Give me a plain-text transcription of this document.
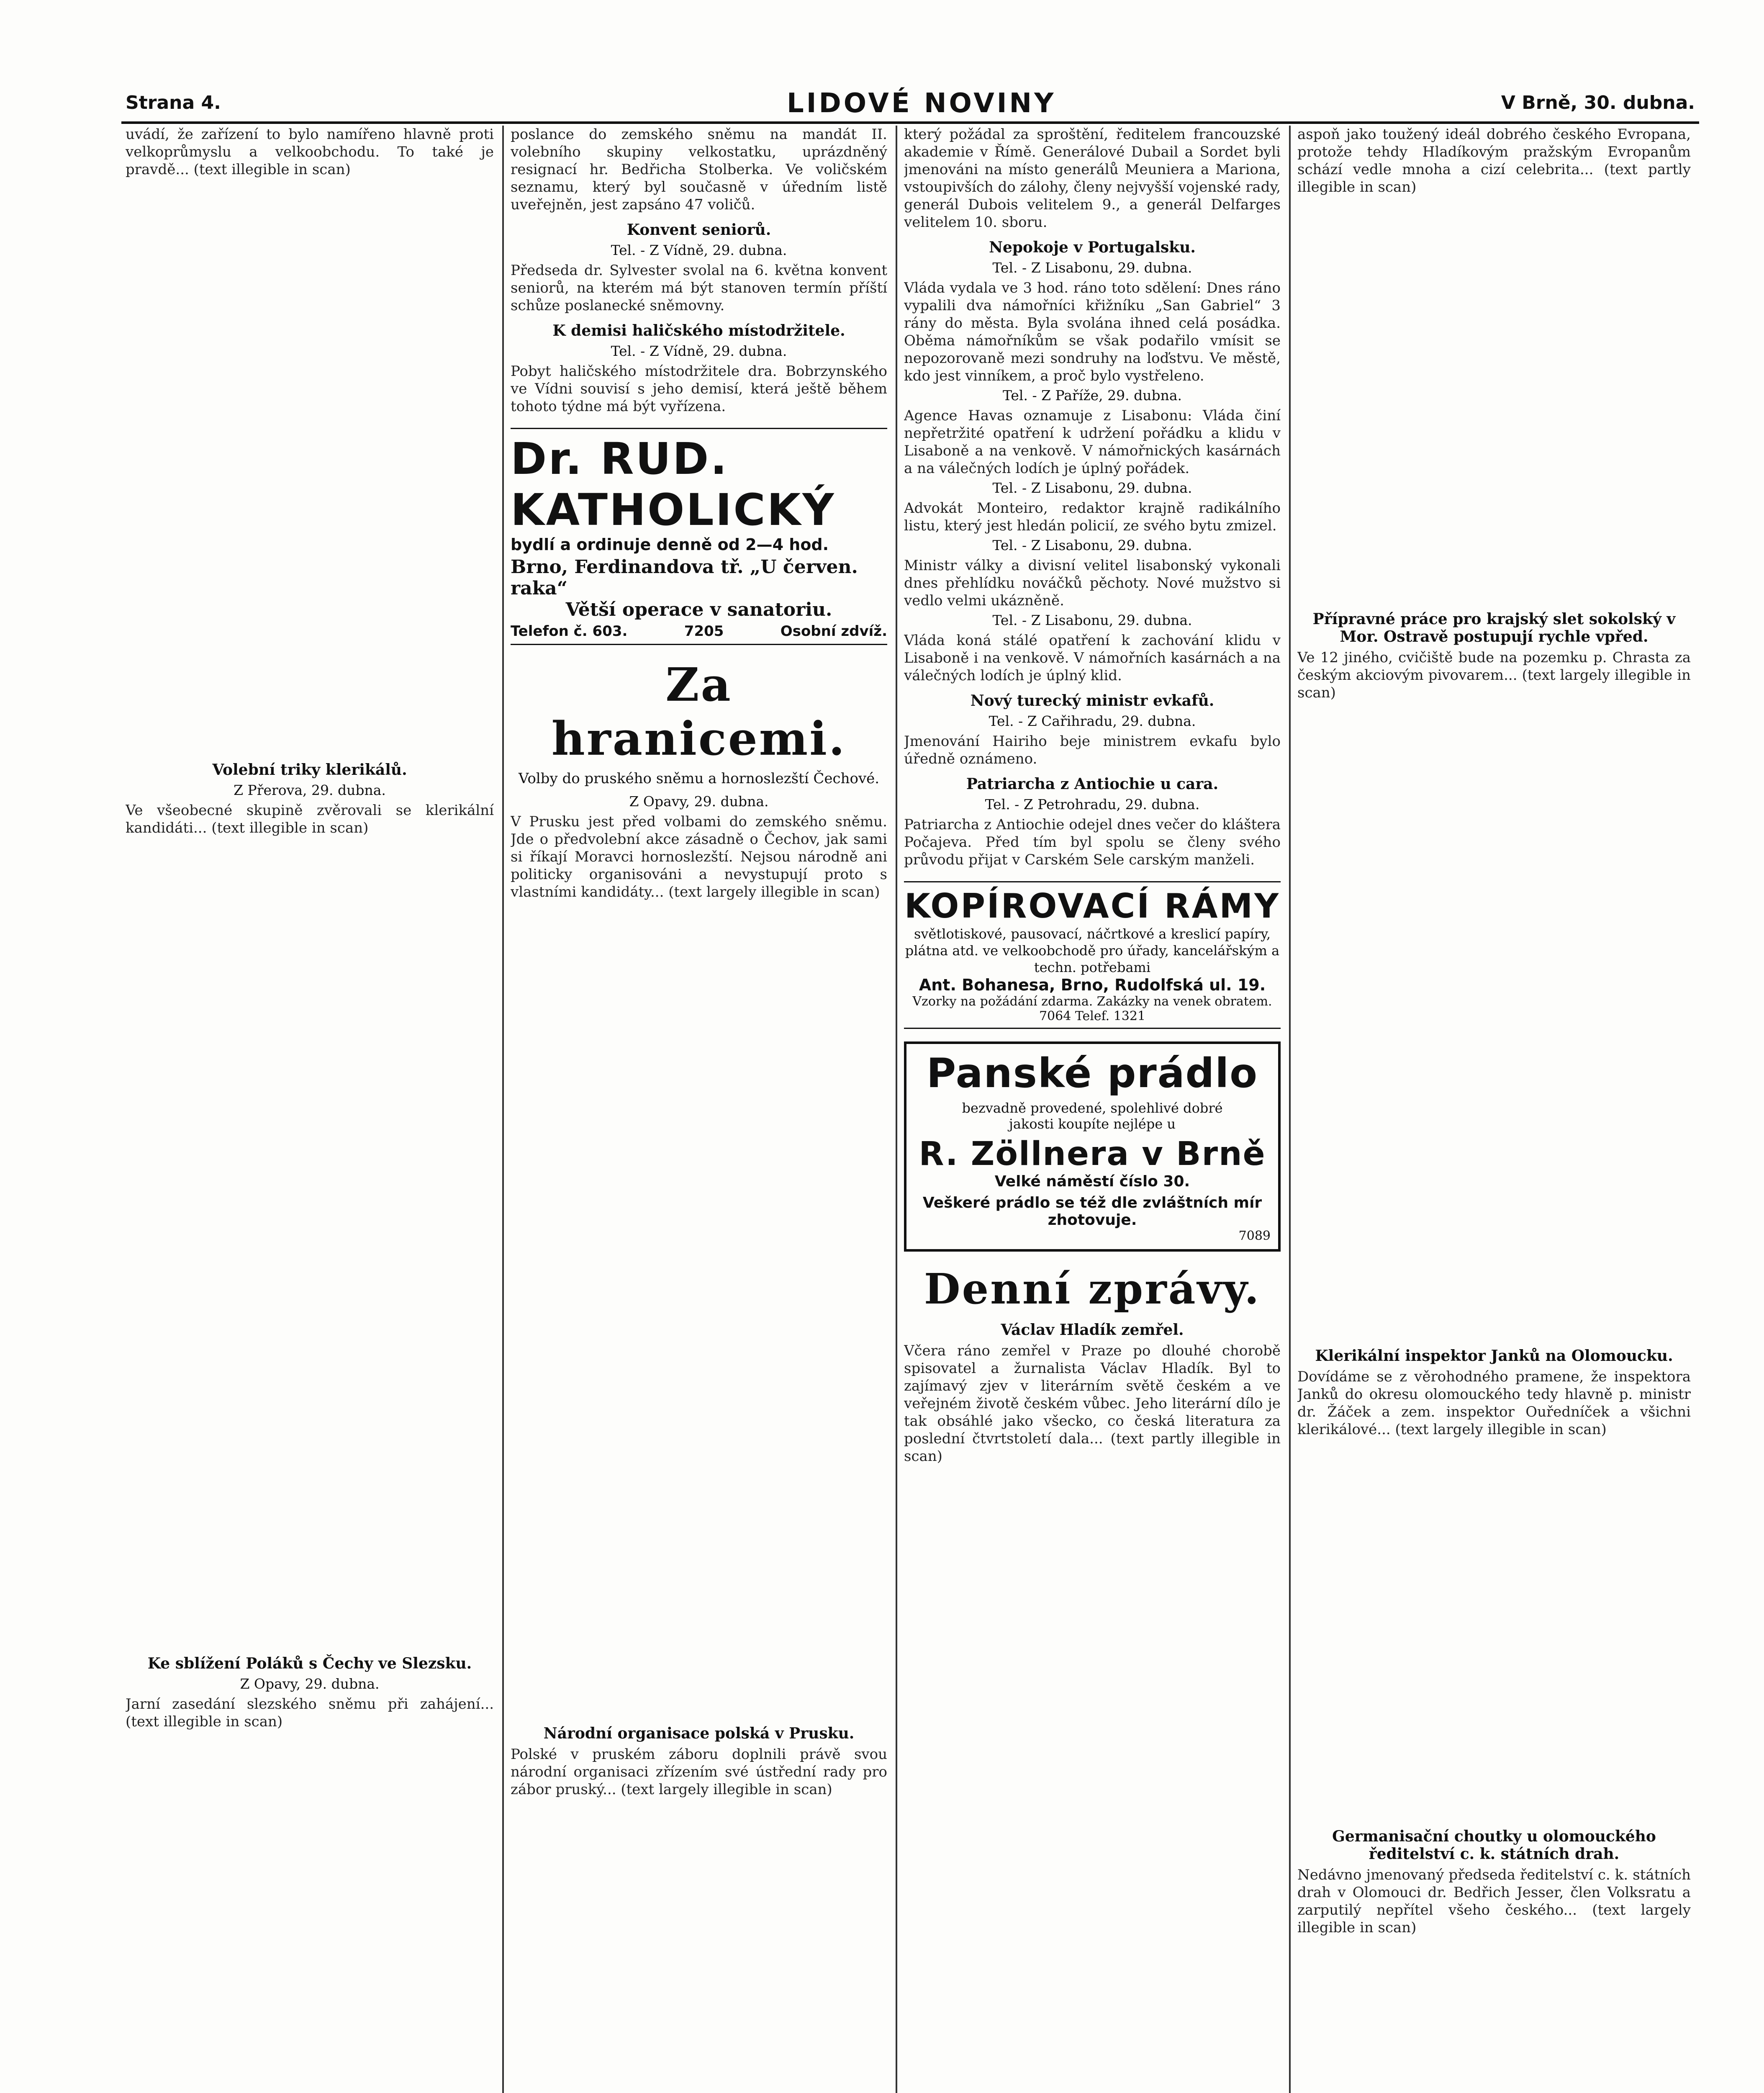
Strana 4.	LIDOVÉ NOVINY	V Brně, 30. dubna.

uvádí, že zařízení to bylo namířeno hlavně proti velkoprůmyslu a velkoobchodu. To také je pravdě... (text illegible in scan)

Volební triky klerikálů.
Z Přerova, 29. dubna.

Ve všeobecné skupině zvěrovali se klerikální kandidáti... (text illegible in scan)

Ke sblížení Poláků s Čechy ve Slezsku.
Z Opavy, 29. dubna.

Jarní zasedání slezského sněmu při zahájení... (text illegible in scan)

poslance do zemského sněmu na mandát II. volebního skupiny velkostatku, uprázdněný resignací hr. Bedřicha Stolberka. Ve voličském seznamu, který byl současně v úředním listě uveřejněn, jest zapsáno 47 voličů.

Konvent seniorů.
Tel. - Z Vídně, 29. dubna.

Předseda dr. Sylvester svolal na 6. května konvent seniorů, na kterém má být stanoven termín příští schůze poslanecké sněmovny.

K demisi haličského místodržitele.
Tel. - Z Vídně, 29. dubna.

Pobyt haličského místodržitele dra. Bobrzynského ve Vídni souvisí s jeho demisí, která ještě během tohoto týdne má být vyřízena.

Dr. RUD. KATHOLICKÝ
bydlí a ordinuje denně od 2—4 hod.
Brno, Ferdinandova tř. „U červen. raka“
Větší operace v sanatoriu.
Telefon č. 603.	7205	Osobní zdvíž.
Za hranicemi.
Volby do pruského sněmu a hornoslezští Čechové.
Z Opavy, 29. dubna.

V Prusku jest před volbami do zemského sněmu. Jde o předvolební akce zásadně o Čechov, jak sami si říkají Moravci hornoslezští. Nejsou národně ani politicky organisováni a nevystupují proto s vlastními kandidáty... (text largely illegible in scan)

Národní organisace polská v Prusku.

Polské v pruském záboru doplnili právě svou národní organisaci zřízením své ústřední rady pro zábor pruský... (text largely illegible in scan)

který požádal za sproštění, ředitelem francouzské akademie v Římě. Generálové Dubail a Sordet byli jmenováni na místo generálů Meuniera a Mariona, vstoupivších do zálohy, členy nejvyšší vojenské rady, generál Dubois velitelem 9., a generál Delfarges velitelem 10. sboru.

Nepokoje v Portugalsku.
Tel. - Z Lisabonu, 29. dubna.

Vláda vydala ve 3 hod. ráno toto sdělení: Dnes ráno vypalili dva námořníci křižníku „San Gabriel“ 3 rány do města. Byla svolána ihned celá posádka. Oběma námořníkům se však podařilo vmísit se nepozorovaně mezi sondruhy na loďstvu. Ve městě, kdo jest vinníkem, a proč bylo vystřeleno.

Tel. - Z Paříže, 29. dubna.

Agence Havas oznamuje z Lisabonu: Vláda činí nepřetržité opatření k udržení pořádku a klidu v Lisaboně a na venkově. V námořnických kasárnách a na válečných lodích je úplný pořádek.

Tel. - Z Lisabonu, 29. dubna.

Advokát Monteiro, redaktor krajně radikálního listu, který jest hledán policií, ze svého bytu zmizel.

Tel. - Z Lisabonu, 29. dubna.

Ministr války a divisní velitel lisabonský vykonali dnes přehlídku nováčků pěchoty. Nové mužstvo si vedlo velmi ukázněně.

Tel. - Z Lisabonu, 29. dubna.

Vláda koná stálé opatření k zachování klidu v Lisaboně i na venkově. V námořních kasárnách a na válečných lodích je úplný klid.

Nový turecký ministr evkafů.
Tel. - Z Cařihradu, 29. dubna.

Jmenování Hairiho beje ministrem evkafu bylo úředně oznámeno.

Patriarcha z Antiochie u cara.
Tel. - Z Petrohradu, 29. dubna.

Patriarcha z Antiochie odejel dnes večer do kláštera Počajeva. Před tím byl spolu se členy svého průvodu přijat v Carském Sele carským manželi.

KOPÍROVACÍ RÁMY
světlotiskové, pausovací, náčrtkové a kreslicí papíry, plátna atd. ve velkoobchodě pro úřady, kancelářským a techn. potřebami
Ant. Bohanesa, Brno, Rudolfská ul. 19.
Vzorky na požádání zdarma. Zakázky na venek obratem. 7064 Telef. 1321
Panské prádlo
bezvadně provedené, spolehlivé dobré jakosti koupíte nejlépe u
R. Zöllnera v Brně
Velké náměstí číslo 30.
Veškeré prádlo se též dle zvláštních mír zhotovuje.
7089
Denní zprávy.
Václav Hladík zemřel.

Včera ráno zemřel v Praze po dlouhé chorobě spisovatel a žurnalista Václav Hladík. Byl to zajímavý zjev v literárním světě českém a ve veřejném životě českém vůbec. Jeho literární dílo je tak obsáhlé jako všecko, co česká literatura za poslední čtvrtstoletí dala... (text partly illegible in scan)

aspoň jako toužený ideál dobrého českého Evropana, protože tehdy Hladíkovým pražským Evropanům schází vedle mnoha a cizí celebrita... (text partly illegible in scan)

Přípravné práce pro krajský slet sokolský v Mor. Ostravě postupují rychle vpřed.

Ve 12 jiného, cvičiště bude na pozemku p. Chrasta za českým akciovým pivovarem... (text largely illegible in scan)

Klerikální inspektor Janků na Olomoucku.

Dovídáme se z věrohodného pramene, že inspektora Janků do okresu olomouckého tedy hlavně p. ministr dr. Žáček a zem. inspektor Ouředníček a všichni klerikálové... (text largely illegible in scan)

Germanisační choutky u olomouckého ředitelství c. k. státních drah.

Nedávno jmenovaný předseda ředitelství c. k. státních drah v Olomouci dr. Bedřich Jesser, člen Volksratu a zarputilý nepřítel všeho českého... (text largely illegible in scan)
